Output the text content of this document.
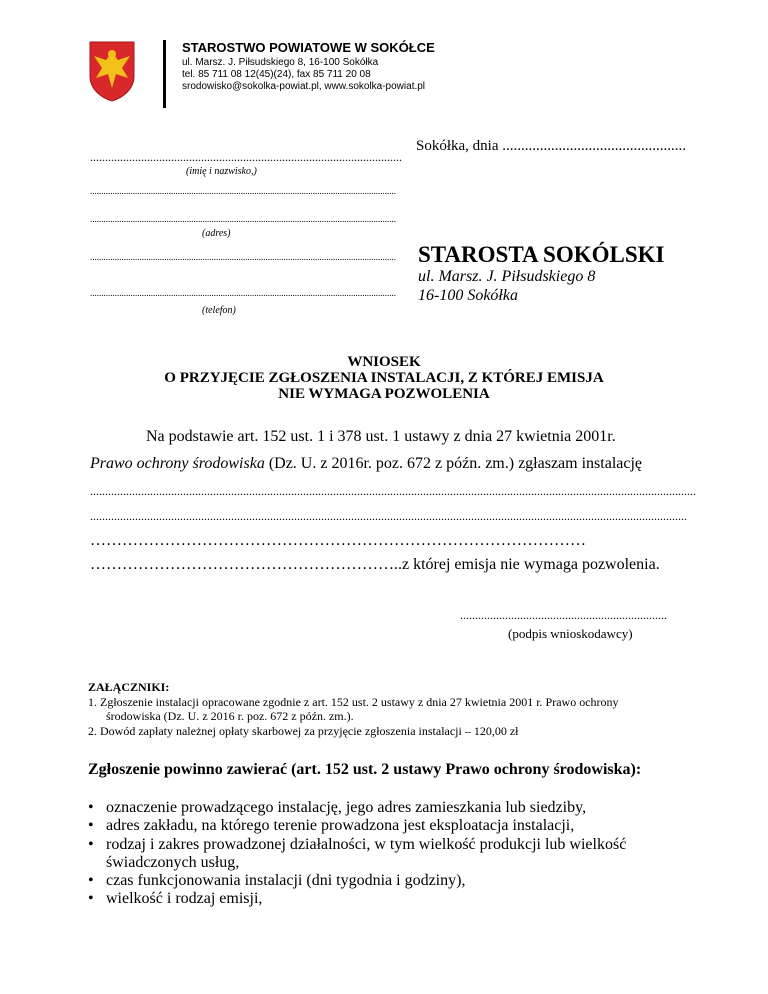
STAROSTWO POWIATOWE W SOKÓŁCE
ul. Marsz. J. Piłsudskiego 8, 16-100 Sokółka
tel. 85 711 08 12(45)(24), fax 85 711 20 08
srodowisko@sokolka-powiat.pl, www.sokolka-powiat.pl
Sokółka, dnia .................................................
........................................................................................................
(imię i nazwisko,)
........................................................................................................................................
........................................................................................................................................
(adres)
........................................................................................................................................
........................................................................................................................................
(telefon)
STAROSTA SOKÓLSKI
ul. Marsz. J. Piłsudskiego 8
16-100 Sokółka
WNIOSEK
O PRZYJĘCIE ZGŁOSZENIA INSTALACJI, Z KTÓREJ EMISJA
NIE WYMAGA POZWOLENIA
Na podstawie art. 152 ust. 1 i 378 ust. 1 ustawy z dnia 27 kwietnia 2001r.
Prawo ochrony środowiska (Dz. U. z 2016r. poz. 672 z późn. zm.) zgłaszam instalację
..........................................................................................................................................................................................................
.......................................................................................................................................................................................................
…………………………………………………………………………………
…………………………………………………..z której emisja nie wymaga pozwolenia.
.....................................................................
(podpis wnioskodawcy)
ZAŁĄCZNIKI:
1. Zgłoszenie instalacji opracowane zgodnie z art. 152 ust. 2 ustawy z dnia 27 kwietnia 2001 r. Prawo ochrony
środowiska (Dz. U. z 2016 r. poz. 672 z późn. zm.).
2. Dowód zapłaty należnej opłaty skarbowej za przyjęcie zgłoszenia instalacji – 120,00 zł
Zgłoszenie powinno zawierać (art. 152 ust. 2 ustawy Prawo ochrony środowiska):
• oznaczenie prowadzącego instalację, jego adres zamieszkania lub siedziby,
• adres zakładu, na którego terenie prowadzona jest eksploatacja instalacji,
• rodzaj i zakres prowadzonej działalności, w tym wielkość produkcji lub wielkość
świadczonych usług,
• czas funkcjonowania instalacji (dni tygodnia i godziny),
• wielkość i rodzaj emisji,
